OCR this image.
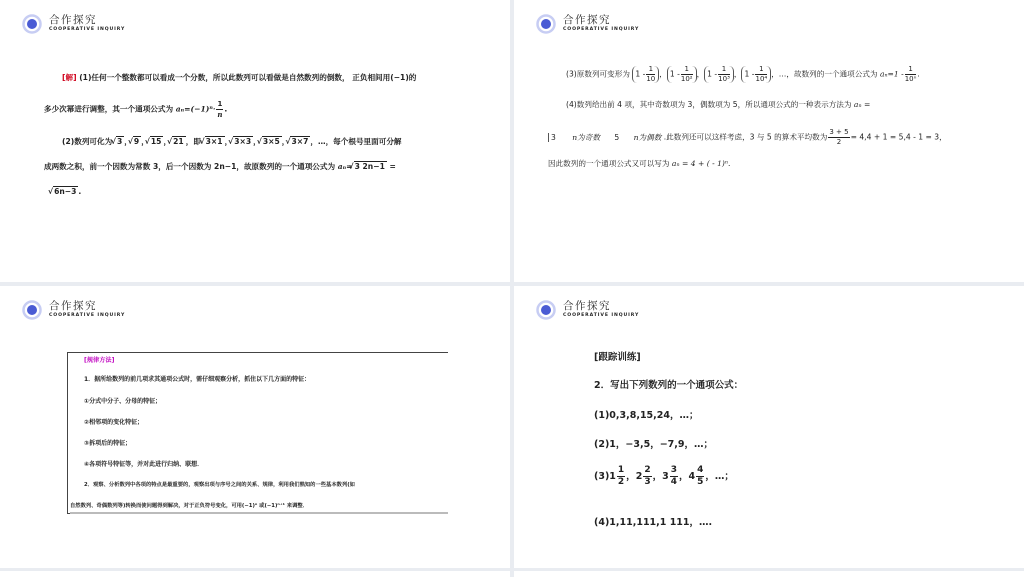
合作探究
COOPERATIVE INQUIRY
[解] (1)任何一个整数都可以看成一个分数，所以此数列可以看做是自然数列的倒数， 正负相间用(−1)的
多少次幂进行调整，其一个通项公式为 $a_n=(-1)^n\cdot \frac{1}{n}$ .
(2)数列可化为 √ 3 ， √ 9 ， √ 15 ， √ 21 ，即 √ 3×1 ， √ 3×3 ， √ 3×5 ， √ 3×7 ，…，每个根号里面可分解
成两数之积，前一个因数为常数 3，后一个因数为 2n−1，故原数列的一个通项公式为 aₙ= √ 3 2n−1 =
√ 6n−3 .
合作探究
COOPERATIVE INQUIRY
(3)原数列可变形为 $1 - \frac{1}{10}$ ， $1 - \frac{1}{\text{10²}}$ ， $1 - \frac{1}{\text{10³}}$ ， $1 - \frac{1}{\text{10⁴}}$ ，…，故数列的一个通项公式为 $a_n=1 - \frac{1}{\text{10ⁿ}}$ .
(4)数列给出前 4 项，其中奇数项为 3，偶数项为 5，所以通项公式的一种表示方法为 aₙ =
3 n为奇数 5 n为偶数 .此数列还可以这样考虑，3 与 5 的算术平均数为 $\frac{3 + 5}{2} = 4,4 + 1 = 5,4 - 1 = 3$，
因此数列的一个通项公式又可以写为 aₙ = 4 + ( - 1)ⁿ.
合作探究
COOPERATIVE INQUIRY
[规律方法]
1．据所给数列的前几项求其通项公式时，需仔细观察分析，抓住以下几方面的特征：
①分式中分子、分母的特征；
②相邻项的变化特征；
③拆项后的特征；
④各项符号特征等，并对此进行归纳、联想．
2．观察、分析数列中各项的特点是最重要的，观察出项与序号之间的关系、规律，利用我们熟知的一些基本数列(如
自然数列、奇偶数列等)转换而使问题得到解决，对于正负符号变化，可用(−1)ⁿ 或(−1)ⁿ⁺¹ 来调整．
合作探究
COOPERATIVE INQUIRY
[跟踪训练]
2．写出下列数列的一个通项公式：
(1)0,3,8,15,24，…；
(2)1，−3,5，−7,9，…；
$(3)1 \frac{1}{2}$ ，$2 \frac{2}{3}$ ，$3 \frac{3}{4}$ ，$4 \frac{4}{5}$ ，…；
(4)1,11,111,1 111，….
